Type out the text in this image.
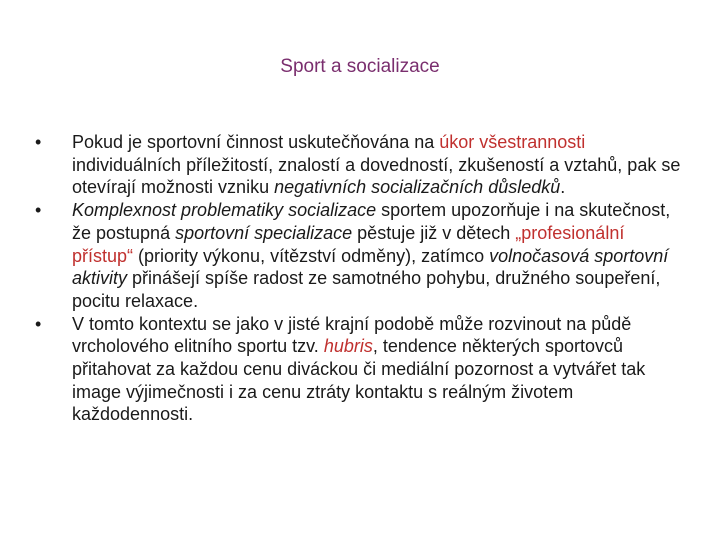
Sport a socializace
•	Pokud je sportovní činnost uskutečňována na úkor všestrannosti individuálních příležitostí, znalostí a dovedností, zkušeností a vztahů, pak se otevírají možnosti vzniku negativních socializačních důsledků.
•	Komplexnost problematiky socializace sportem upozorňuje i na skutečnost, že postupná sportovní specializace pěstuje již v dětech „profesionální přístup“ (priority výkonu, vítězství odměny), zatímco volnočasová sportovní aktivity přinášejí spíše radost ze samotného pohybu, družného soupeření, pocitu relaxace.
•	V tomto kontextu se jako v jisté krajní podobě může rozvinout na půdě vrcholového elitního sportu tzv. hubris, tendence některých sportovců přitahovat za každou cenu diváckou či mediální pozornost a vytvářet tak image výjimečnosti i za cenu ztráty kontaktu s reálným životem každodennosti.
